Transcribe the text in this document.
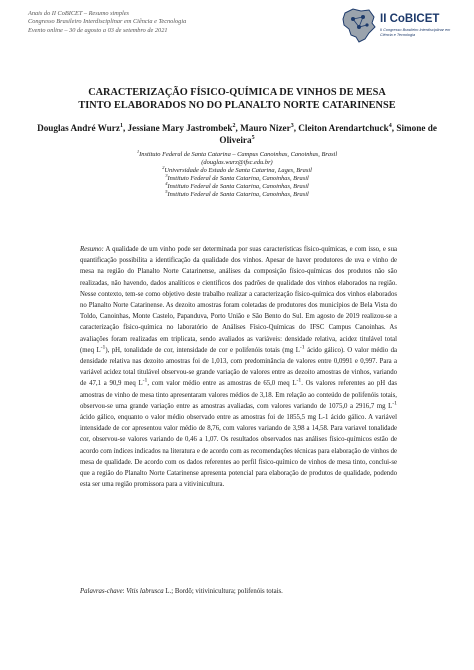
Anais do II CoBICET – Resumo simples
Congresso Brasileiro Interdisciplinar em Ciência e Tecnologia
Evento online – 30 de agosto a 03 de setembro de 2021
II CoBICET
II Congresso Brasileiro Interdisciplinar em Ciência e Tecnologia
CARACTERIZAÇÃO FÍSICO-QUÍMICA DE VINHOS DE MESA
TINTO ELABORADOS NO DO PLANALTO NORTE CATARINENSE
Douglas André Wurz$^1$, Jessiane Mary Jastrombek$^2$, Mauro Nizer$^3$, Cleiton Arendartchuck$^4$, Simone de Oliveira$^5$
$^1$Instituto Federal de Santa Catarina – Campus Canoinhas, Canoinhas, Brasil
(douglas.wurz@ifsc.edu.br)
$^2$Universidade do Estado de Santa Catarina, Lages, Brasil
$^3$Instituto Federal de Santa Catarina, Canoinhas, Brasil
$^4$Instituto Federal de Santa Catarina, Canoinhas, Brasil
$^5$Instituto Federal de Santa Catarina, Canoinhas, Brasil

Resumo: A qualidade de um vinho pode ser determinada por suas características físico-químicas, e com isso, e sua quantificação possibilita a identificação da qualidade dos vinhos. Apesar de haver produtores de uva e vinho de mesa na região do Planalto Norte Catarinense, análises da composição físico-químicas dos produtos não são realizadas, não havendo, dados analíticos e científicos dos padrões de qualidade dos vinhos elaborados na região. Nesse contexto, tem-se como objetivo deste trabalho realizar a caracterização físico-química dos vinhos elaborados no Planalto Norte Catarinense. As dezoito amostras foram coletadas de produtores dos municípios de Bela Vista do Toldo, Canoinhas, Monte Castelo, Papanduva, Porto União e São Bento do Sul. Em agosto de 2019 realizou-se a caracterização físico-química no laboratório de Análises Físico-Químicas do IFSC Campus Canoinhas. As avaliações foram realizadas em triplicata, sendo avaliados as variáveis: densidade relativa, acidez titulável total (meq $L^{-1}$), pH, tonalidade de cor, intensidade de cor e polifenóis totais (mg $L^{-1}$ ácido gálico). O valor médio da densidade relativa nas dezoito amostras foi de 1,013, com predominância de valores entre 0,0991 e 0,997. Para a variável acidez total titulável observou-se grande variação de valores entre as dezoito amostras de vinhos, variando de 47,1 a 90,9 meq $L^{-1}$, com valor médio entre as amostras de 65,0 meq $L^{-1}$. Os valores referentes ao pH das amostras de vinho de mesa tinto apresentaram valores médios de 3,18. Em relação ao conteúdo de polifenóis totais, observou-se uma grande variação entre as amostras avaliadas, com valores variando de 1075,0 a 2916,7 mg $L^{-1}$ ácido gálico, enquanto o valor médio observado entre as amostras foi de 1855,5 mg L-1 ácido gálico. A variável intensidade de cor apresentou valor médio de 8,76, com valores variando de 3,98 a 14,58. Para variavel tonalidade cor, observou-se valores variando de 0,46 a 1,07. Os resultados observados nas análises físico-químicos estão de acordo com índices indicados na literatura e de acordo com as recomendações técnicas para elaboração de vinhos de mesa de qualidade. De acordo com os dados referentes ao perfil físico-químico de vinhos de mesa tinto, conclui-se que a região do Planalto Norte Catarinense apresenta potencial para elaboração de produtos de qualidade, podendo esta ser uma região promissora para a vitivinicultura.

Palavras-chave: Vitis labrusca L.; Bordô; vitivinicultura; polifenóis totais.
